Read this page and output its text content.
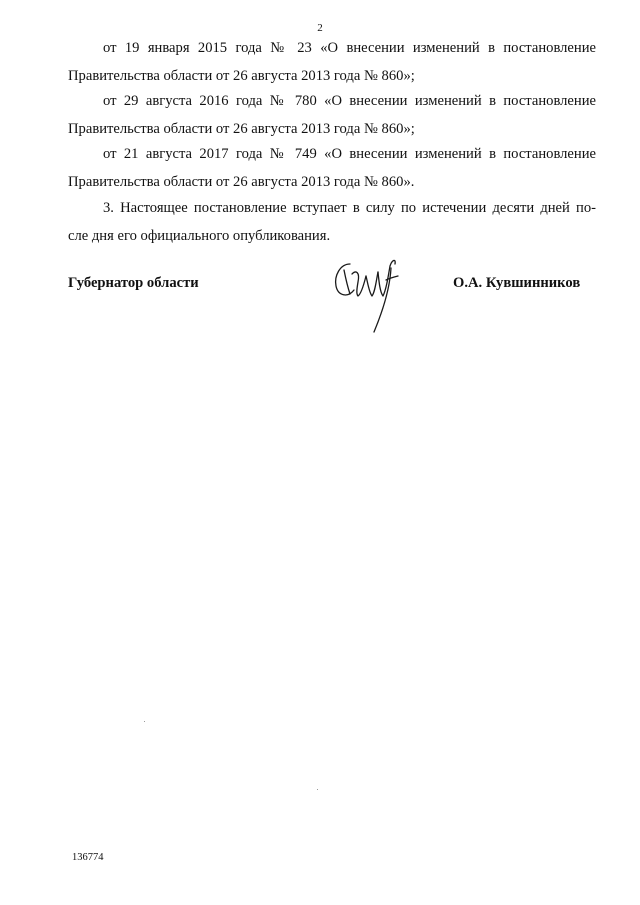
2
от 19 января 2015 года № 23 «О внесении изменений в постановление
Правительства области от 26 августа 2013 года № 860»;
от 29 августа 2016 года № 780 «О внесении изменений в постановление
Правительства области от 26 августа 2013 года № 860»;
от 21 августа 2017 года № 749 «О внесении изменений в постановление
Правительства области от 26 августа 2013 года № 860».
3. Настоящее постановление вступает в силу по истечении десяти дней по-
сле дня его официального опубликования.
Губернатор области	О.А. Кувшинников
136774
